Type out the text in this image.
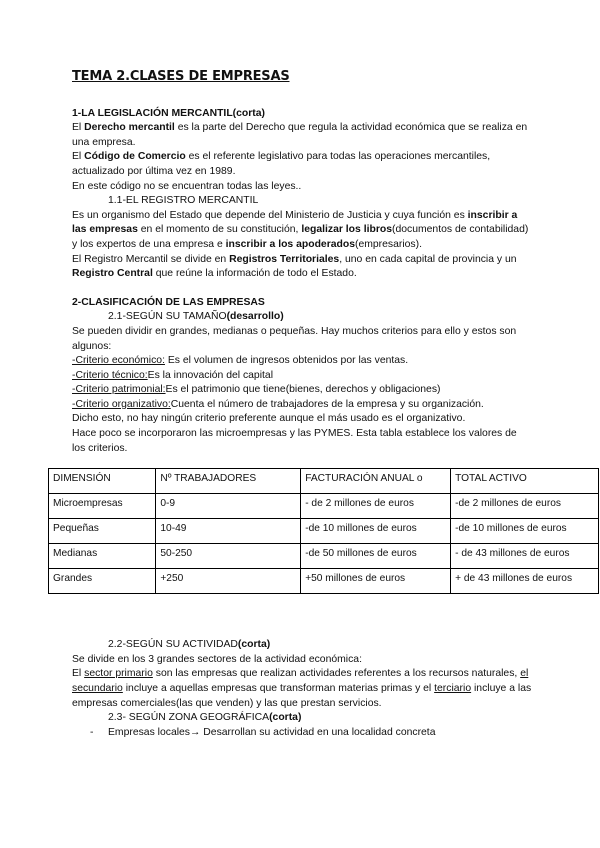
TEMA 2.CLASES DE EMPRESAS

1-LA LEGISLACIÓN MERCANTIL(corta)

El Derecho mercantil es la parte del Derecho que regula la actividad económica que se realiza en una empresa.

El Código de Comercio es el referente legislativo para todas las operaciones mercantiles, actualizado por última vez en 1989.

En este código no se encuentran todas las leyes..

1.1-EL REGISTRO MERCANTIL

Es un organismo del Estado que depende del Ministerio de Justicia y cuya función es inscribir a las empresas en el momento de su constitución, legalizar los libros(documentos de contabilidad) y los expertos de una empresa e inscribir a los apoderados(empresarios).

El Registro Mercantil se divide en Registros Territoriales, uno en cada capital de provincia y un Registro Central que reúne la información de todo el Estado.

2-CLASIFICACIÓN DE LAS EMPRESAS

2.1-SEGÚN SU TAMAÑO(desarrollo)

Se pueden dividir en grandes, medianas o pequeñas. Hay muchos criterios para ello y estos son algunos:

-Criterio económico: Es el volumen de ingresos obtenidos por las ventas.

-Criterio técnico:Es la innovación del capital

-Criterio patrimonial:Es el patrimonio que tiene(bienes, derechos y obligaciones)

-Criterio organizativo:Cuenta el número de trabajadores de la empresa y su organización.

Dicho esto, no hay ningún criterio preferente aunque el más usado es el organizativo.

Hace poco se incorporaron las microempresas y las PYMES. Esta tabla establece los valores de los criterios.

DIMENSIÓN	Nº TRABAJADORES	FACTURACIÓN ANUAL o	TOTAL ACTIVO
Microempresas	0-9	- de 2 millones de euros	-de 2 millones de euros
Pequeñas	10-49	-de 10 millones de euros	-de 10 millones de euros
Medianas	50-250	-de 50 millones de euros	- de 43 millones de euros
Grandes	+250	+50 millones de euros	+ de 43 millones de euros

2.2-SEGÚN SU ACTIVIDAD(corta)

Se divide en los 3 grandes sectores de la actividad económica:

El sector primario son las empresas que realizan actividades referentes a los recursos naturales, el secundario incluye a aquellas empresas que transforman materias primas y el terciario incluye a las empresas comerciales(las que venden) y las que prestan servicios.

2.3- SEGÚN ZONA GEOGRÁFICA(corta)

-	Empresas locales→ Desarrollan su actividad en una localidad concreta
